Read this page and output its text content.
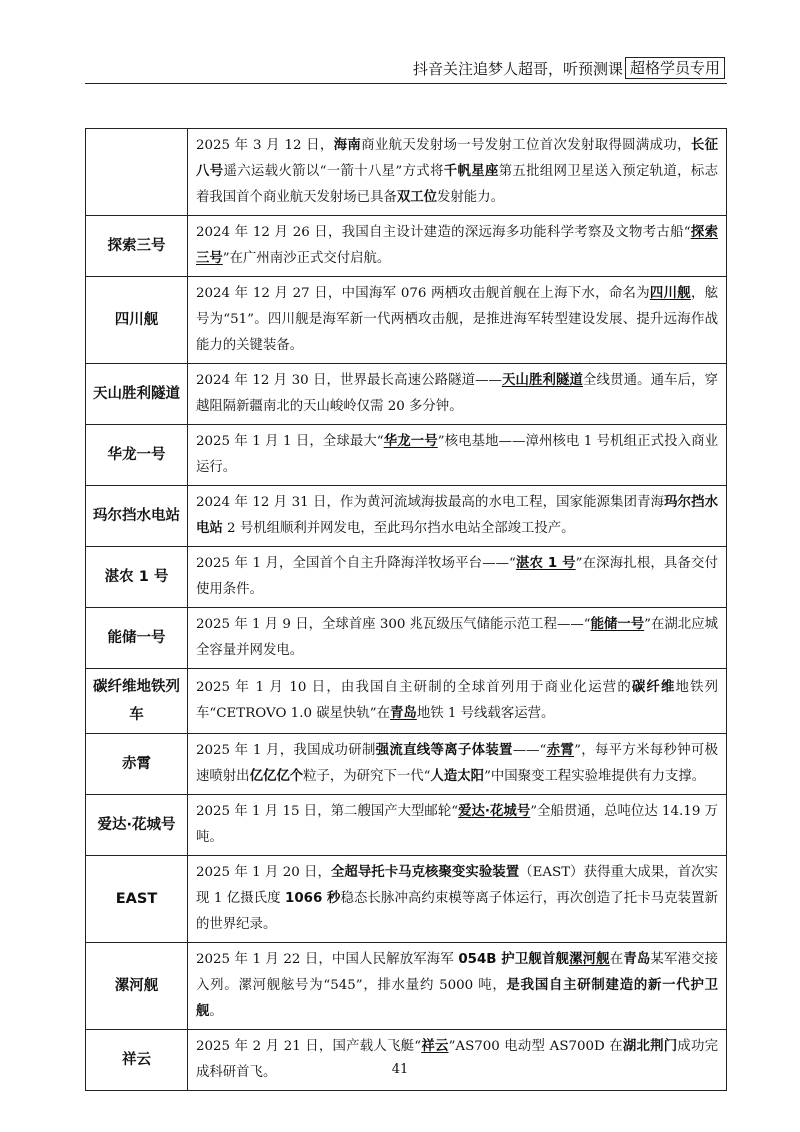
抖音关注追梦人超哥，听预测课 超格学员专用
	2025 年 3 月 12 日，海南商业航天发射场一号发射工位首次发射取得圆满成功，长征八号遥六运载火箭以“一箭十八星”方式将千帆星座第五批组网卫星送入预定轨道，标志着我国首个商业航天发射场已具备双工位发射能力。
探索三号	2024 年 12 月 26 日，我国自主设计建造的深远海多功能科学考察及文物考古船“探索三号”在广州南沙正式交付启航。
四川舰	2024 年 12 月 27 日，中国海军 076 两栖攻击舰首舰在上海下水，命名为四川舰，舷号为“51”。四川舰是海军新一代两栖攻击舰，是推进海军转型建设发展、提升远海作战能力的关键装备。
天山胜利隧道	2024 年 12 月 30 日，世界最长高速公路隧道——天山胜利隧道全线贯通。通车后，穿越阻隔新疆南北的天山峻岭仅需 20 多分钟。
华龙一号	2025 年 1 月 1 日，全球最大“华龙一号”核电基地——漳州核电 1 号机组正式投入商业运行。
玛尔挡水电站	2024 年 12 月 31 日，作为黄河流域海拔最高的水电工程，国家能源集团青海玛尔挡水电站 2 号机组顺利并网发电，至此玛尔挡水电站全部竣工投产。
湛农 1 号	2025 年 1 月，全国首个自主升降海洋牧场平台——“湛农 1 号”在深海扎根，具备交付使用条件。
能储一号	2025 年 1 月 9 日，全球首座 300 兆瓦级压气储能示范工程——“能储一号”在湖北应城全容量并网发电。
碳纤维地铁列车	2025 年 1 月 10 日，由我国自主研制的全球首列用于商业化运营的碳纤维地铁列车“CETROVO 1.0 碳星快轨”在青岛地铁 1 号线载客运营。
赤霄	2025 年 1 月，我国成功研制强流直线等离子体装置——“赤霄”，每平方米每秒钟可极速喷射出亿亿亿个粒子，为研究下一代“人造太阳”中国聚变工程实验堆提供有力支撑。
爱达·花城号	2025 年 1 月 15 日，第二艘国产大型邮轮“爱达·花城号”全船贯通，总吨位达 14.19 万吨。
EAST	2025 年 1 月 20 日，全超导托卡马克核聚变实验装置（EAST）获得重大成果，首次实现 1 亿摄氏度 1066 秒稳态长脉冲高约束模等离子体运行，再次创造了托卡马克装置新的世界纪录。
漯河舰	2025 年 1 月 22 日，中国人民解放军海军 054B 护卫舰首舰漯河舰在青岛某军港交接入列。漯河舰舷号为“545”，排水量约 5000 吨，是我国自主研制建造的新一代护卫舰。
祥云	2025 年 2 月 21 日，国产载人飞艇“祥云”AS700 电动型 AS700D 在湖北荆门成功完成科研首飞。	41
